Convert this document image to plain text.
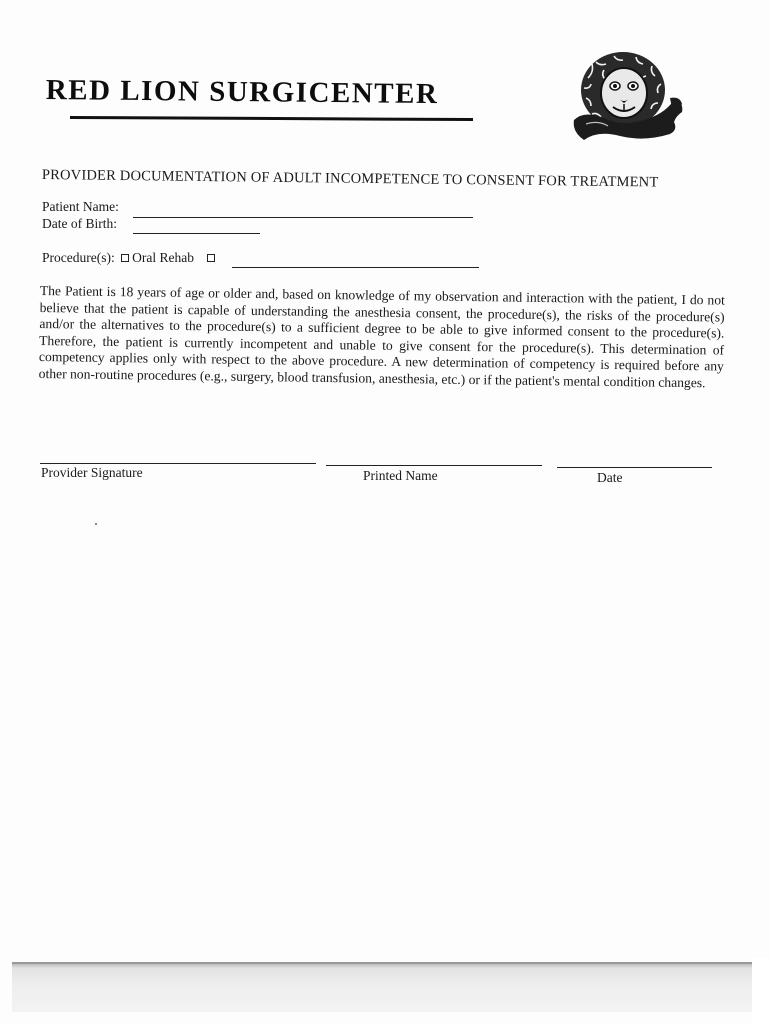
RED LION SURGICENTER
PROVIDER DOCUMENTATION OF ADULT INCOMPETENCE TO CONSENT FOR TREATMENT
Patient Name:
Date of Birth:
Procedure(s): Oral Rehab
The Patient is 18 years of age or older and, based on knowledge of my observation and interaction with the patient, I do not believe that the patient is capable of understanding the anesthesia consent, the procedure(s), the risks of the procedure(s) and/or the alternatives to the procedure(s) to a sufficient degree to be able to give informed consent to the procedure(s). Therefore, the patient is currently incompetent and unable to give consent for the procedure(s). This determination of competency applies only with respect to the above procedure. A new determination of competency is required before any other non-routine procedures (e.g., surgery, blood transfusion, anesthesia, etc.) or if the patient's mental condition changes.
Provider Signature	Printed Name	Date
